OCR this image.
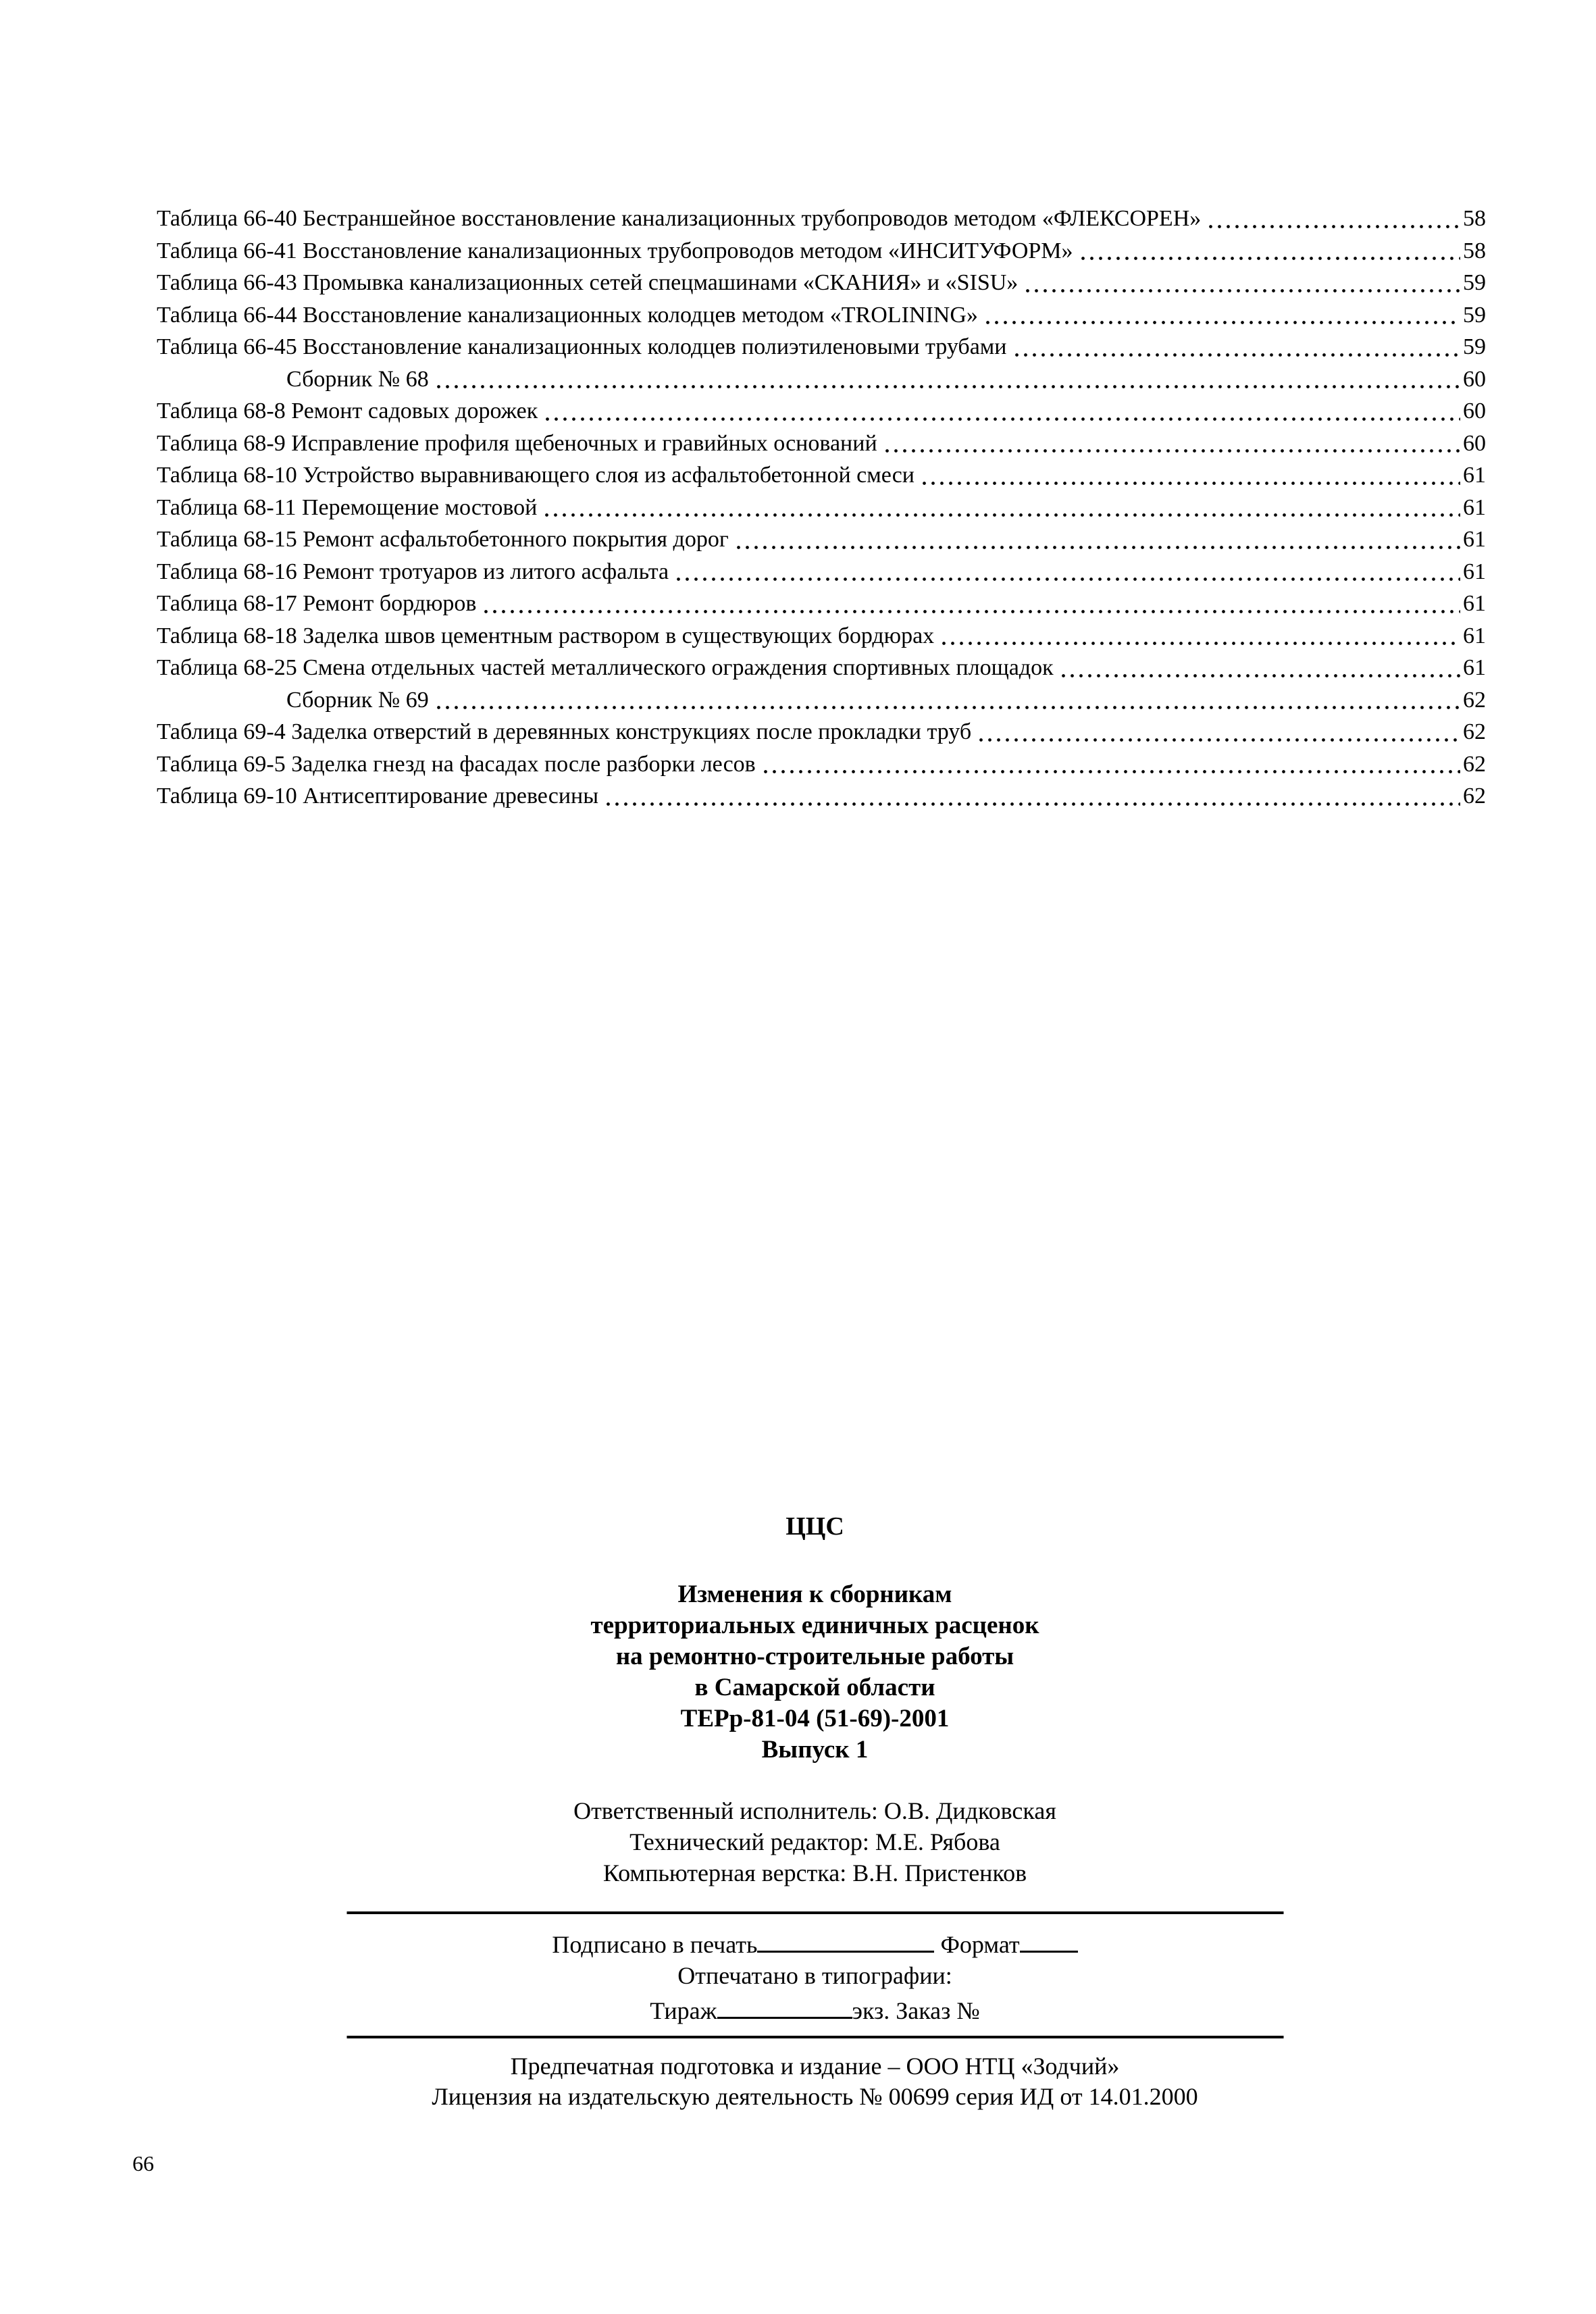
Таблица 66-40 Бестраншейное восстановление канализационных трубопроводов методом «ФЛЕКСОРЕН»	58
Таблица 66-41 Восстановление канализационных трубопроводов методом «ИНСИТУФОРМ»	58
Таблица 66-43 Промывка канализационных сетей спецмашинами «СКАНИЯ» и «SISU»	59
Таблица 66-44 Восстановление канализационных колодцев методом «TROLINING»	59
Таблица 66-45 Восстановление канализационных колодцев полиэтиленовыми трубами	59
Сборник № 68	60
Таблица 68-8 Ремонт садовых дорожек	60
Таблица 68-9 Исправление профиля щебеночных и гравийных оснований	60
Таблица 68-10 Устройство выравнивающего слоя из асфальтобетонной смеси	61
Таблица 68-11 Перемощение мостовой	61
Таблица 68-15 Ремонт асфальтобетонного покрытия дорог	61
Таблица 68-16 Ремонт тротуаров из литого асфальта	61
Таблица 68-17 Ремонт бордюров	61
Таблица 68-18 Заделка швов цементным раствором в существующих бордюрах	61
Таблица 68-25 Смена отдельных частей металлического ограждения спортивных площадок	61
Сборник № 69	62
Таблица 69-4 Заделка отверстий в деревянных конструкциях после прокладки труб	62
Таблица 69-5 Заделка гнезд на фасадах после разборки лесов	62
Таблица 69-10 Антисептирование древесины	62
ЦЦС
Изменения к сборникам
территориальных единичных расценок
на ремонтно-строительные работы
в Самарской области
ТЕРр-81-04 (51-69)-2001
Выпуск 1
Ответственный исполнитель: О.В. Дидковская
Технический редактор: М.Е. Рябова
Компьютерная верстка: В.Н. Пристенков
Подписано в печать	Формат
Отпечатано в типографии:
Тираж	экз. Заказ №
Предпечатная подготовка и издание – ООО НТЦ «Зодчий»
Лицензия на издательскую деятельность № 00699 серия ИД от 14.01.2000
66
